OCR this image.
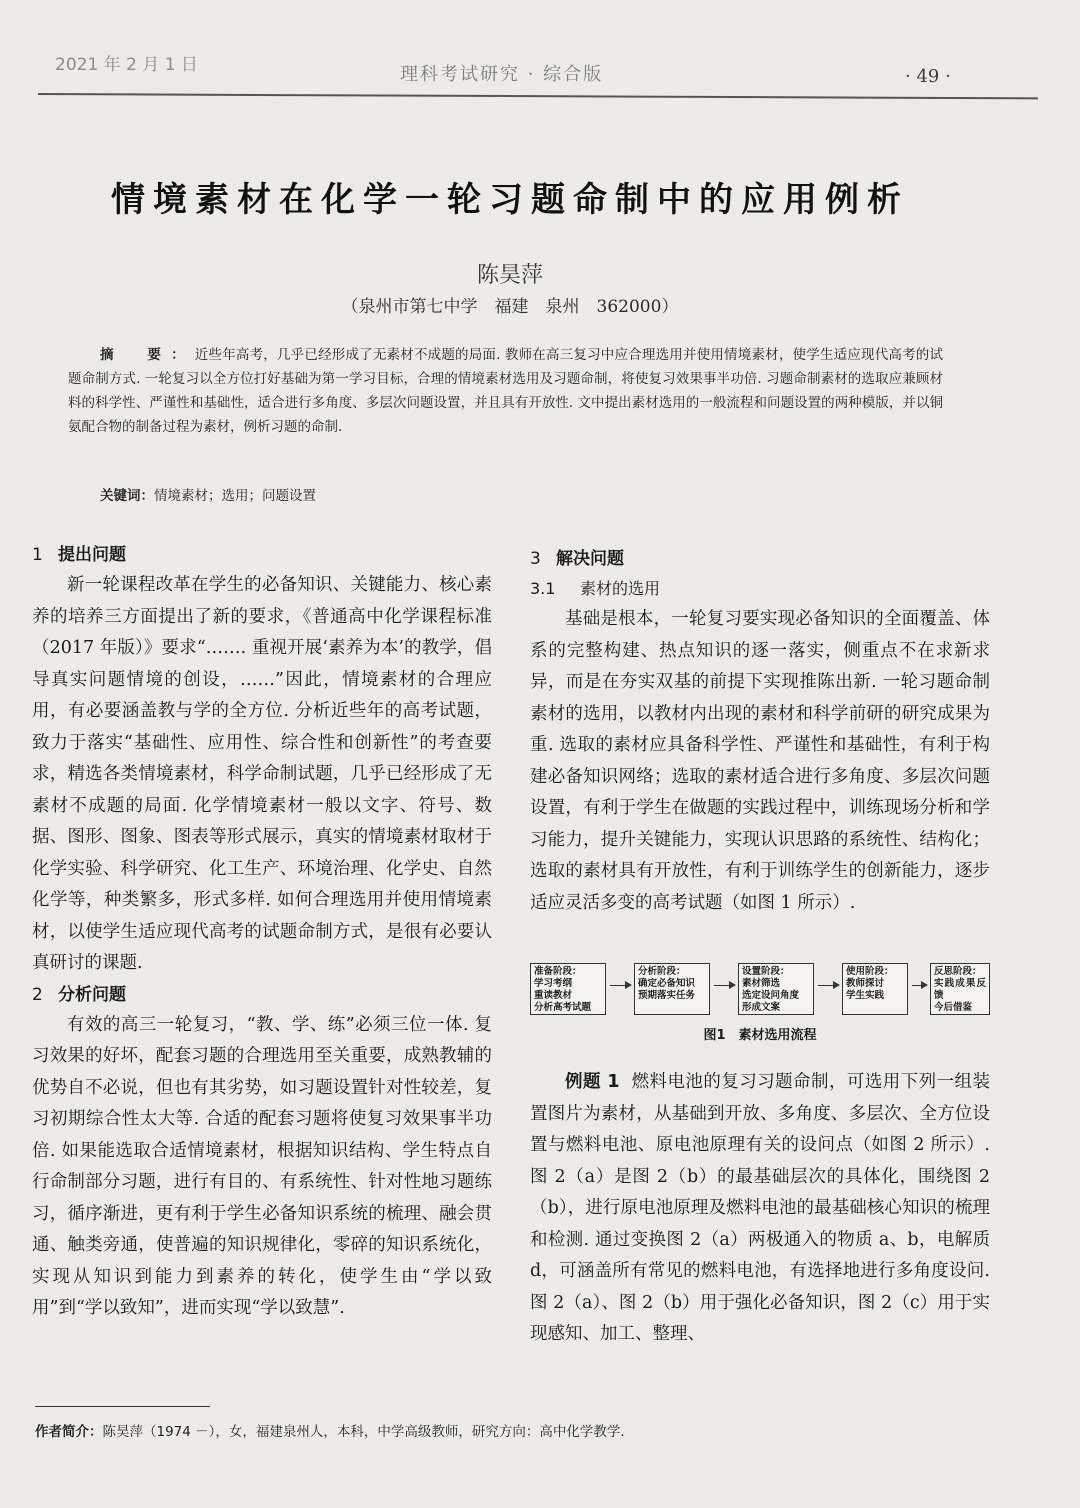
2021 年 2 月 1 日	理科考试研究 · 综合版	· 49 ·
情境素材在化学一轮习题命制中的应用例析
陈昊萍
（泉州市第七中学　福建　泉州　362000）
摘　要：近些年高考，几乎已经形成了无素材不成题的局面. 教师在高三复习中应合理选用并使用情境素材，使学生适应现代高考的试题命制方式. 一轮复习以全方位打好基础为第一学习目标，合理的情境素材选用及习题命制，将使复习效果事半功倍. 习题命制素材的选取应兼顾材料的科学性、严谨性和基础性，适合进行多角度、多层次问题设置，并且具有开放性. 文中提出素材选用的一般流程和问题设置的两种模版，并以铜氨配合物的制备过程为素材，例析习题的命制.
关键词：情境素材；选用；问题设置
1 提出问题

新一轮课程改革在学生的必备知识、关键能力、核心素养的培养三方面提出了新的要求，《普通高中化学课程标准（2017 年版）》要求“……. 重视开展‘素养为本’的教学，倡导真实问题情境的创设，……”因此，情境素材的合理应用，有必要涵盖教与学的全方位. 分析近些年的高考试题，致力于落实“基础性、应用性、综合性和创新性”的考查要求，精选各类情境素材，科学命制试题，几乎已经形成了无素材不成题的局面. 化学情境素材一般以文字、符号、数据、图形、图象、图表等形式展示，真实的情境素材取材于化学实验、科学研究、化工生产、环境治理、化学史、自然化学等，种类繁多，形式多样. 如何合理选用并使用情境素材，以使学生适应现代高考的试题命制方式，是很有必要认真研讨的课题.

2 分析问题

有效的高三一轮复习，“教、学、练”必须三位一体. 复习效果的好坏，配套习题的合理选用至关重要，成熟教辅的优势自不必说，但也有其劣势，如习题设置针对性较差，复习初期综合性太大等. 合适的配套习题将使复习效果事半功倍. 如果能选取合适情境素材，根据知识结构、学生特点自行命制部分习题，进行有目的、有系统性、针对性地习题练习，循序渐进，更有利于学生必备知识系统的梳理、融会贯通、触类旁通，使普遍的知识规律化，零碎的知识系统化，实现从知识到能力到素养的转化，使学生由“学以致用”到“学以致知”，进而实现“学以致慧”.

3 解决问题
3.1 素材的选用

基础是根本，一轮复习要实现必备知识的全面覆盖、体系的完整构建、热点知识的逐一落实，侧重点不在求新求异，而是在夯实双基的前提下实现推陈出新. 一轮习题命制素材的选用，以教材内出现的素材和科学前研的研究成果为重. 选取的素材应具备科学性、严谨性和基础性，有利于构建必备知识网络；选取的素材适合进行多角度、多层次问题设置，有利于学生在做题的实践过程中，训练现场分析和学习能力，提升关键能力，实现认识思路的系统性、结构化；选取的素材具有开放性，有利于训练学生的创新能力，逐步适应灵活多变的高考试题（如图 1 所示）.

准备阶段：
学习考纲
重读教材
分析高考试题
分析阶段：
确定必备知识
预期落实任务
设置阶段：
素材筛选
选定设问角度
形成文案
使用阶段：
教师探讨
学生实践
反思阶段：
实践成果反馈
今后借鉴
图1　素材选用流程

例题 1 燃料电池的复习习题命制，可选用下列一组装置图片为素材，从基础到开放、多角度、多层次、全方位设置与燃料电池、原电池原理有关的设问点（如图 2 所示）. 图 2（a）是图 2（b）的最基础层次的具体化，围绕图 2（b），进行原电池原理及燃料电池的最基础核心知识的梳理和检测. 通过变换图 2（a）两极通入的物质 a、b，电解质 d，可涵盖所有常见的燃料电池，有选择地进行多角度设问. 图 2（a）、图 2（b）用于强化必备知识，图 2（c）用于实现感知、加工、整理、

作者简介：陈昊萍（1974 －），女，福建泉州人，本科，中学高级教师，研究方向：高中化学教学.
